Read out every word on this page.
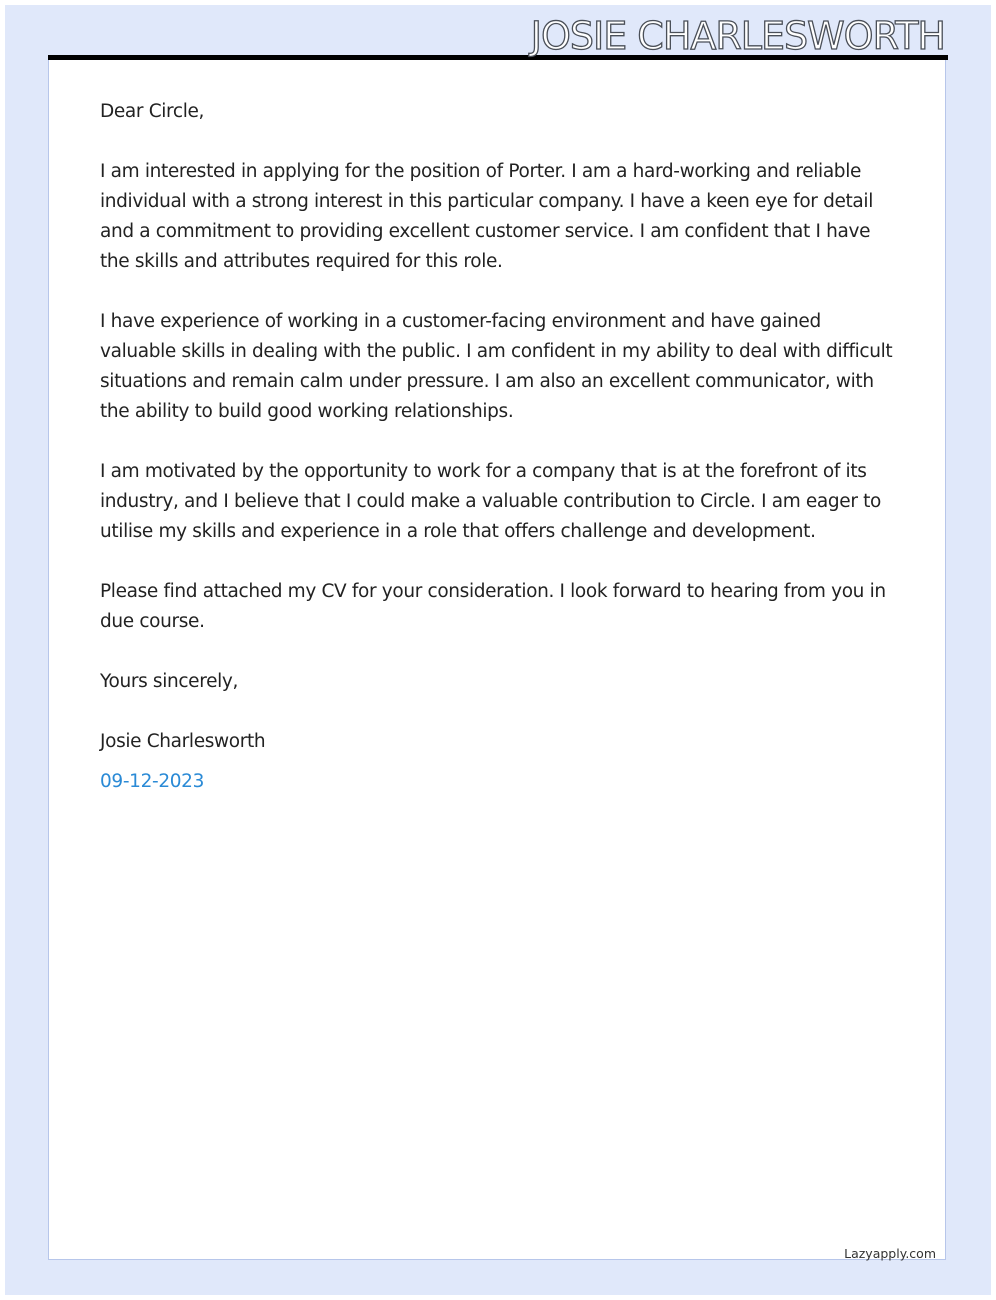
JOSIE CHARLESWORTH

Dear Circle,

I am interested in applying for the position of Porter. I am a hard-working and reliable individual with a strong interest in this particular company. I have a keen eye for detail and a commitment to providing excellent customer service. I am confident that I have the skills and attributes required for this role.

I have experience of working in a customer-facing environment and have gained valuable skills in dealing with the public. I am confident in my ability to deal with difficult situations and remain calm under pressure. I am also an excellent communicator, with the ability to build good working relationships.

I am motivated by the opportunity to work for a company that is at the forefront of its industry, and I believe that I could make a valuable contribution to Circle. I am eager to utilise my skills and experience in a role that offers challenge and development.

Please find attached my CV for your consideration. I look forward to hearing from you in due course.

Yours sincerely,

Josie Charlesworth

09-12-2023

Lazyapply.com
